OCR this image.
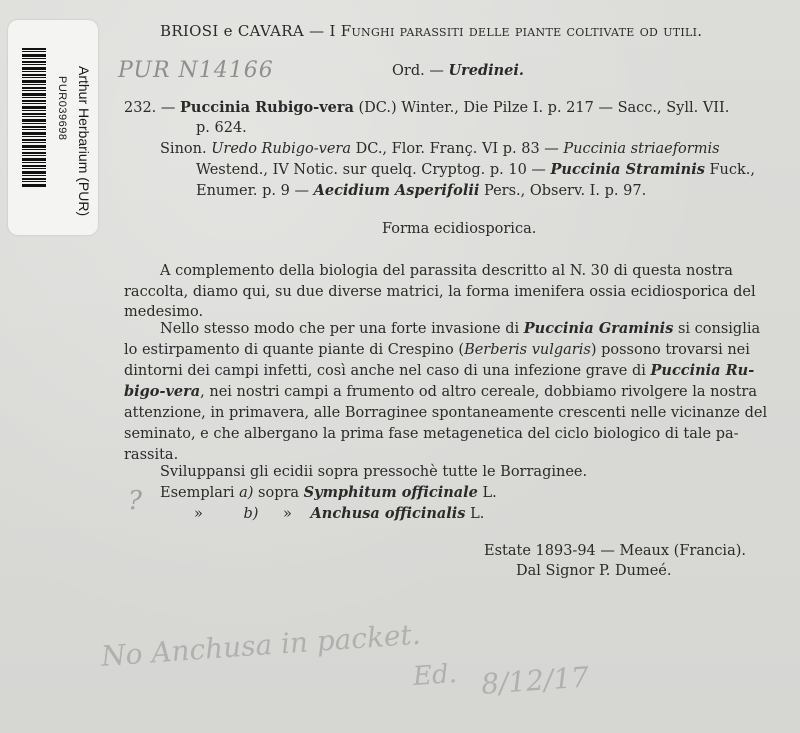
Arthur Herbarium (PUR)
PUR039698
PUR N14166
BRIOSI e CAVARA — I Funghi parassiti delle piante coltivate od utili.
Ord. — Uredinei.
232. — Puccinia Rubigo-vera (DC.) Winter., Die Pilze I. p. 217 — Sacc., Syll. VII.
p. 624.
Sinon. Uredo Rubigo-vera DC., Flor. Franç. VI p. 83 — Puccinia striaeformis
Westend., IV Notic. sur quelq. Cryptog. p. 10 — Puccinia Straminis Fuck.,
Enumer. p. 9 — Aecidium Asperifolii Pers., Observ. I. p. 97.
Forma ecidiosporica.
A complemento della biologia del parassita descritto al N. 30 di questa nostra
raccolta, diamo qui, su due diverse matrici, la forma imenifera ossia ecidiosporica del
medesimo.
Nello stesso modo che per una forte invasione di Puccinia Graminis si consiglia
lo estirpamento di quante piante di Crespino (Berberis vulgaris) possono trovarsi nei
dintorni dei campi infetti, così anche nel caso di una infezione grave di Puccinia Ru-
bigo-vera, nei nostri campi a frumento od altro cereale, dobbiamo rivolgere la nostra
attenzione, in primavera, alle Borraginee spontaneamente crescenti nelle vicinanze del
seminato, e che albergano la prima fase metagenetica del ciclo biologico di tale pa-
rassita.
Sviluppansi gli ecidii sopra pressochè tutte le Borraginee.
? Esemplari a) sopra Symphitum officinale L.
»	b) » Anchusa officinalis L.
Estate 1893-94 — Meaux (Francia).
Dal Signor P. Dumeé.
No Anchusa in packet.
Ed. 8/12/17
